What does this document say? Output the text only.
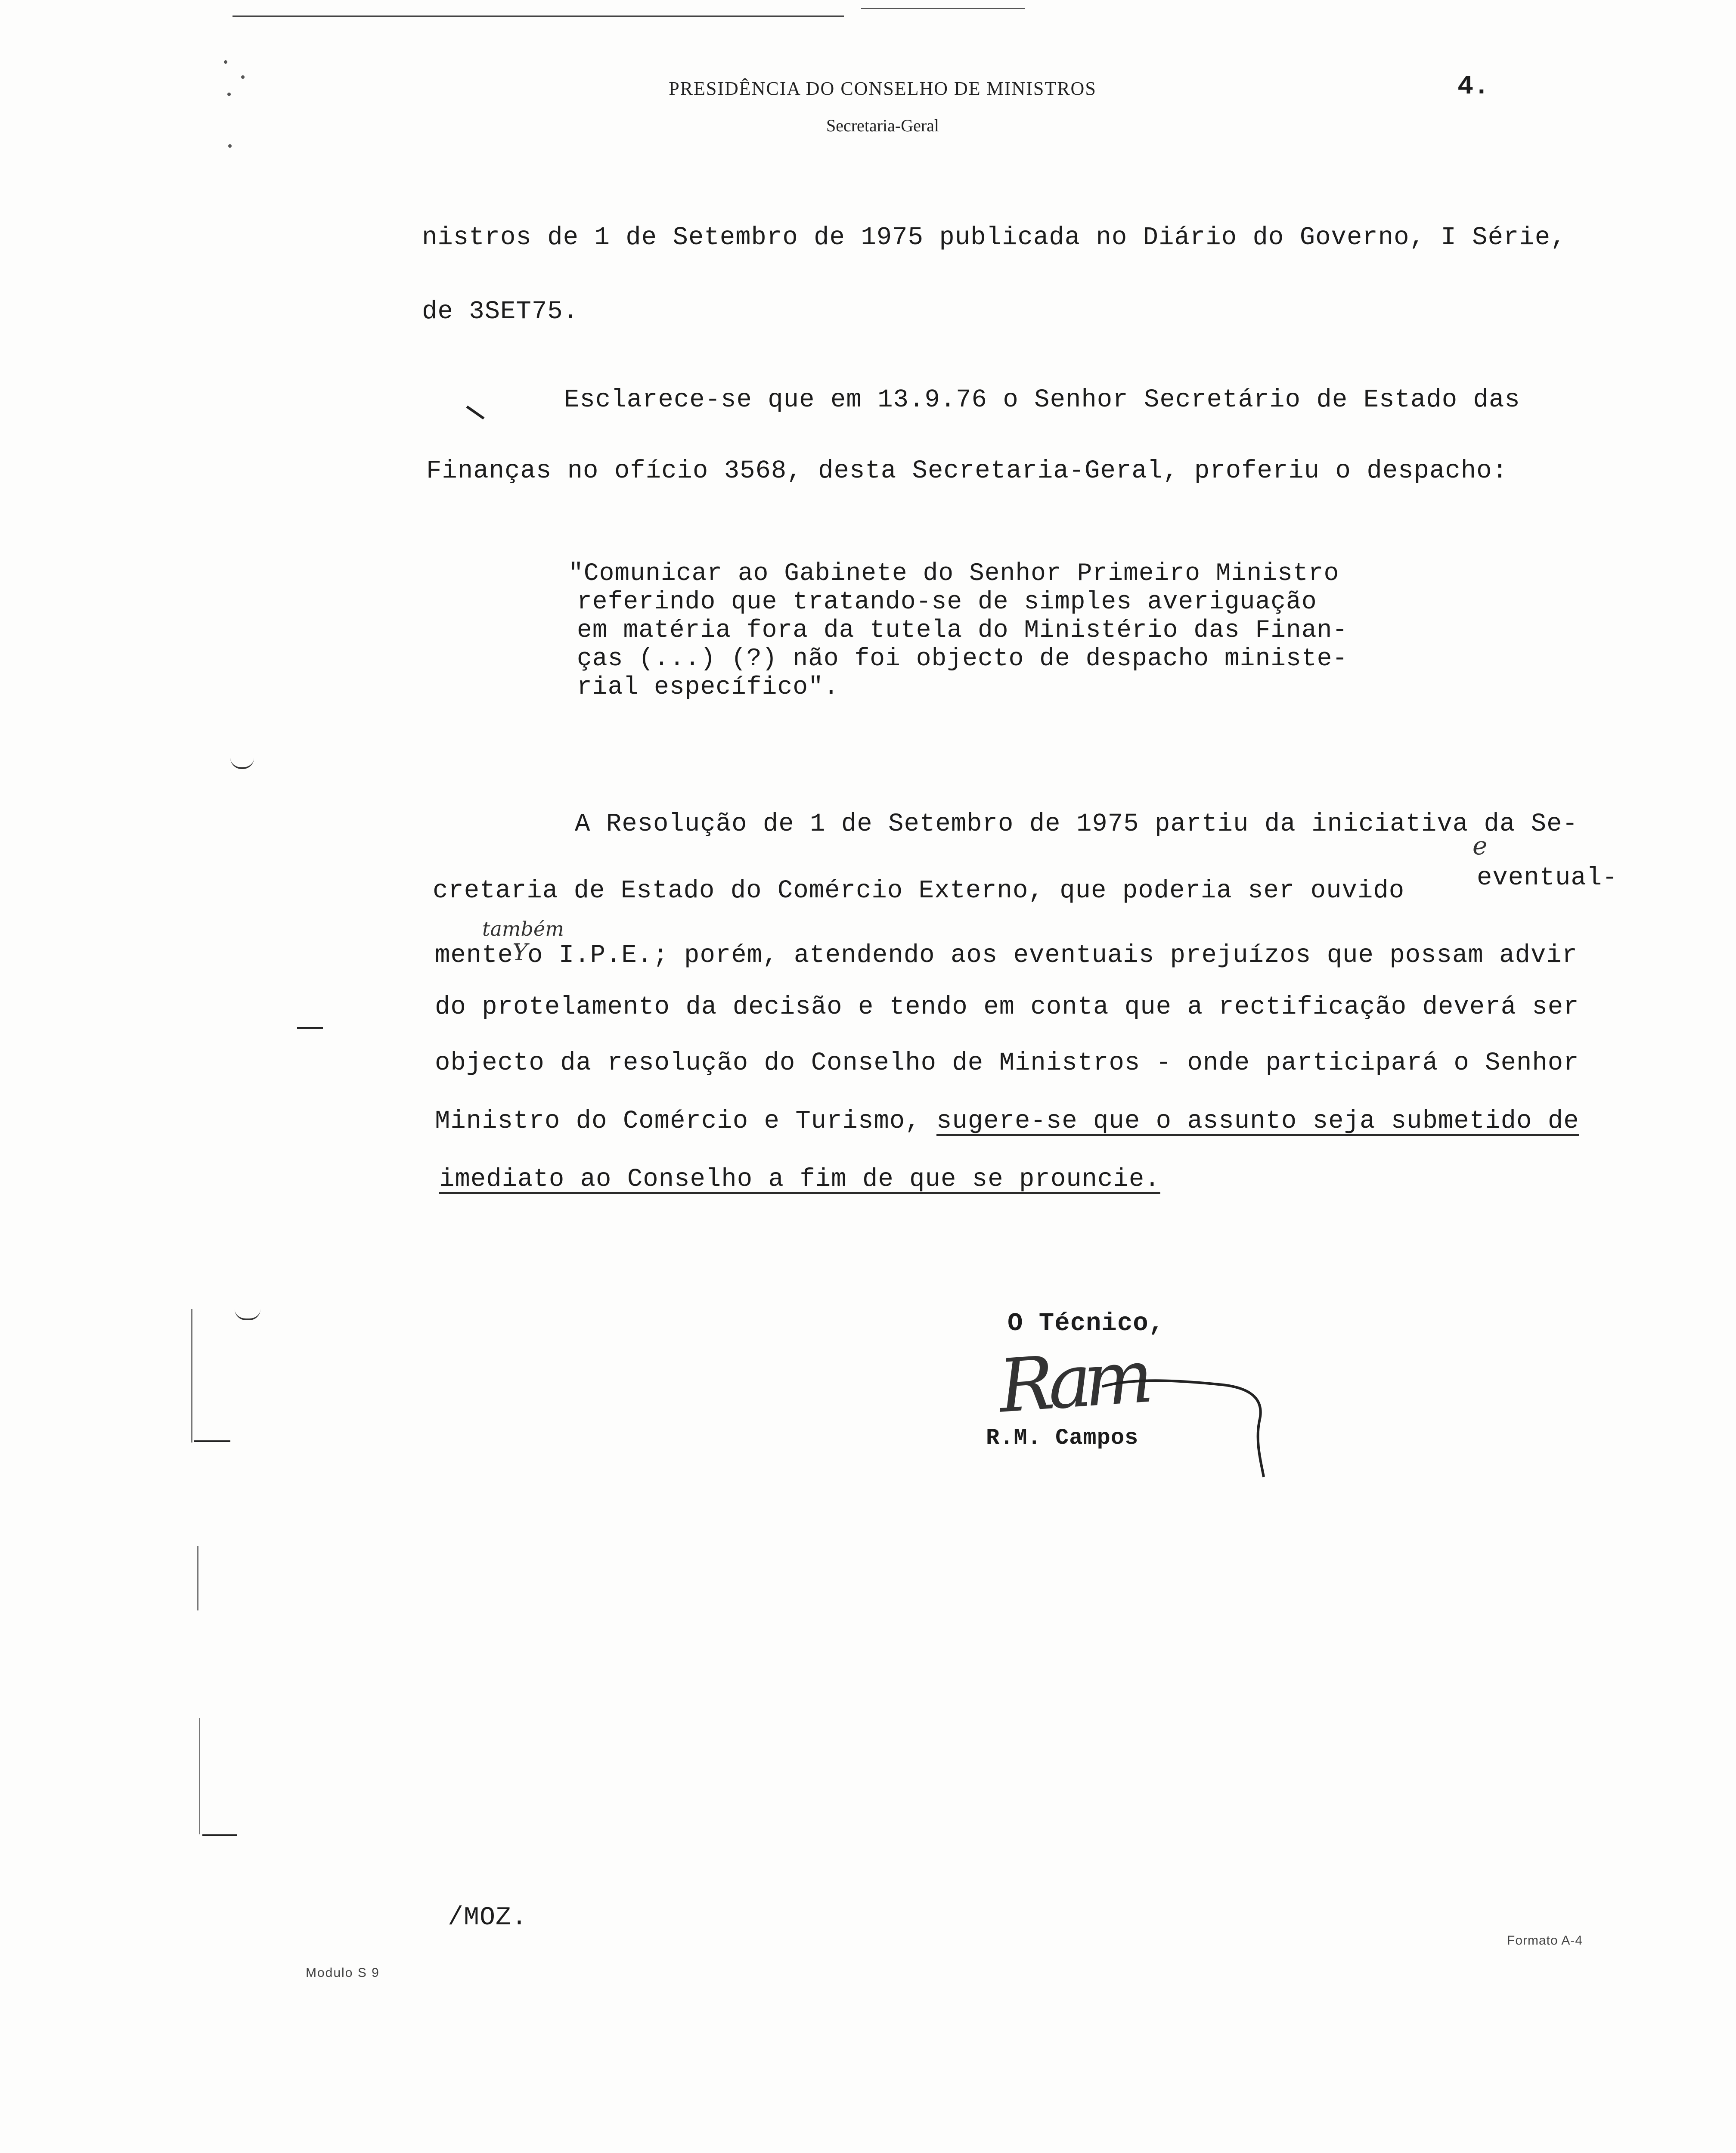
PRESIDÊNCIA DO CONSELHO DE MINISTROS
Secretaria-Geral
4.
nistros de 1 de Setembro de 1975 publicada no Diário do Governo, I Série,
de 3SET75.
Esclarece-se que em 13.9.76 o Senhor Secretário de Estado das
Finanças no ofício 3568, desta Secretaria-Geral, proferiu o despacho:
"Comunicar ao Gabinete do Senhor Primeiro Ministro
referindo que tratando-se de simples averiguação
em matéria fora da tutela do Ministério das Finan-
ças (...) (?) não foi objecto de despacho ministe-
rial específico".
A Resolução de 1 de Setembro de 1975 partiu da iniciativa da Se-
e
cretaria de Estado do Comércio Externo, que poderia ser ouvido	eventual-
também
mente
Y o I.P.E.; porém, atendendo aos eventuais prejuízos que possam advir
do protelamento da decisão e tendo em conta que a rectificação deverá ser
objecto da resolução do Conselho de Ministros - onde participará o Senhor
Ministro do Comércio e Turismo, sugere-se que o assunto seja submetido de
imediato ao Conselho a fim de que se prouncie.
O Técnico,
Ram
R.M. Campos
/MOZ.
Modulo S 9
Formato A-4
